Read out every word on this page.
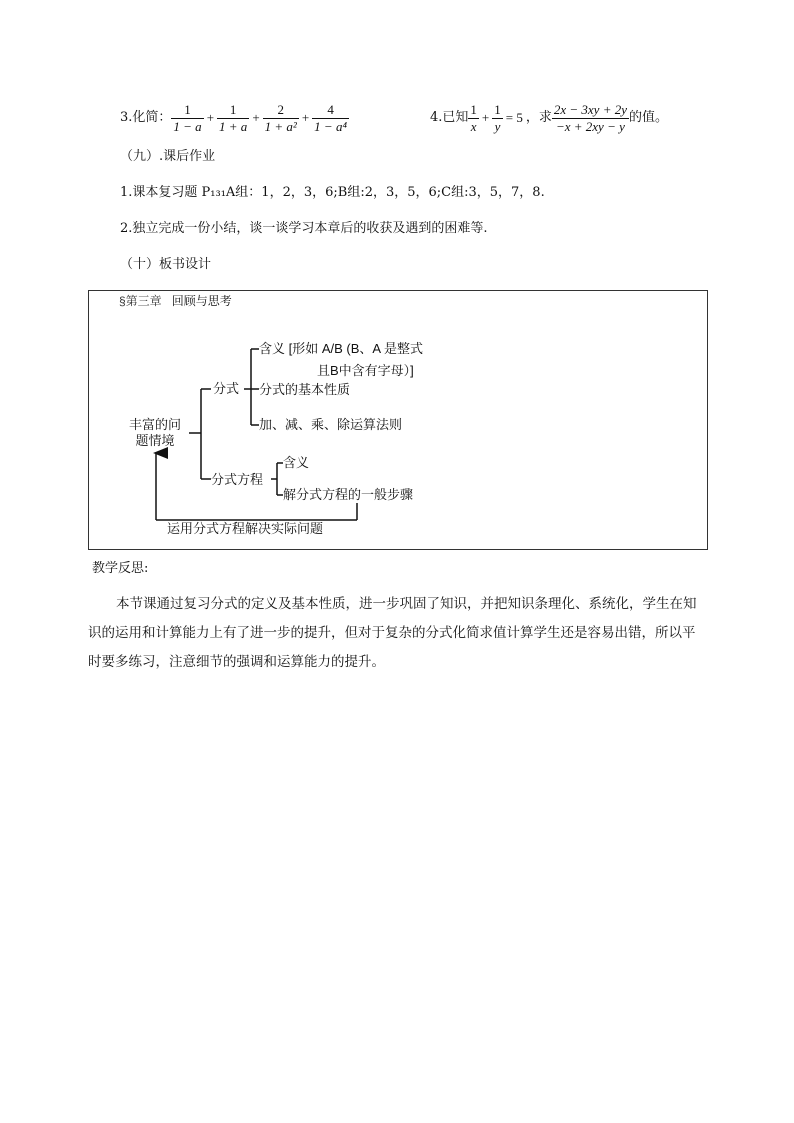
3.化简： $\frac{1}{1 - a} + \frac{1}{1 + a} + \frac{2}{\text{1 + a²}} + \frac{4}{\text{1 − a⁴}}$	4.已知 $\frac{1}{x} + \frac{1}{y} = 5$ ，求 $\frac{2x - 3xy + 2y}{-x + 2xy - y}$ 的值。
（九）.课后作业
1.课本复习题 P₁₃₁A组：1，2，3，6;B组:2，3，5，6;C组:3，5，7，8.
2.独立完成一份小结，谈一谈学习本章后的收获及遇到的困难等.
（十）板书设计
§第三章 回顾与思考
丰富的问
题情境
分式
含义 [形如 A/B (B、A 是整式
且B中含有字母）]
分式的基本性质
加、减、乘、除运算法则
分式方程
含义
解分式方程的一般步骤
运用分式方程解决实际问题
教学反思:
本节课通过复习分式的定义及基本性质，进一步巩固了知识，并把知识条理化、系统化，学生在知识的运用和计算能力上有了进一步的提升，但对于复杂的分式化简求值计算学生还是容易出错，所以平时要多练习，注意细节的强调和运算能力的提升。
